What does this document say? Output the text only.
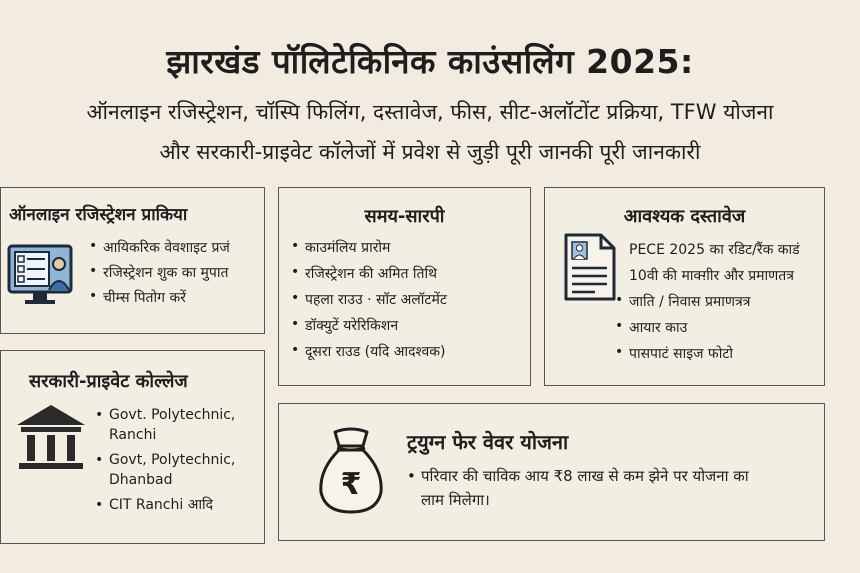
झारखंड पॉलिटेकिनिक काउंसलिंग 2025:
ऑनलाइन रजिस्ट्रेशन, चॉस्पि फिलिंग, दस्तावेज, फीस, सीट-अलॉटोंट प्रक्रिया, TFW योजना
और सरकारी-प्राइवेट कॉलेजों में प्रवेश से जुड़ी पूरी जानकी पूरी जानकारी
ऑनलाइन रजिस्ट्रेशन प्राकिया
• आयिकरिक वेवशाइट प्रजं
• रजिस्ट्रेशन शुक का मुपात
• चीम्स पितोग करें
समय-सारपी
• काउमंलिय प्रारोम
• रजिस्ट्रेशन की अमित तिथि
• पहला राउउ · सॉट अलॉटमेंट
• डॉक्युटें यरेरिकिशन
• दूसरा राउड (यदि आदश्वक)
आवश्यक दस्तावेज
PECE 2025 का रडिट/रैंक काडं
10वी की माक्ग़ीर और प्रमाणतत्र
• जाति / निवास प्रमाणत्रत्र
• आयार काउ
• पासपाटं साइज फोटो
सरकारी-प्राइवेट कोल्लेज
• Govt. Polytechnic,
Ranchi
• Govt, Polytechnic,
Dhanbad
• CIT Ranchi आदि
₹
ट्रयुग्न फेर वेवर योजना
• परिवार की चाविक आय ₹8 लाख से कम झेने पर योजना का
लाम मिलेगा।
